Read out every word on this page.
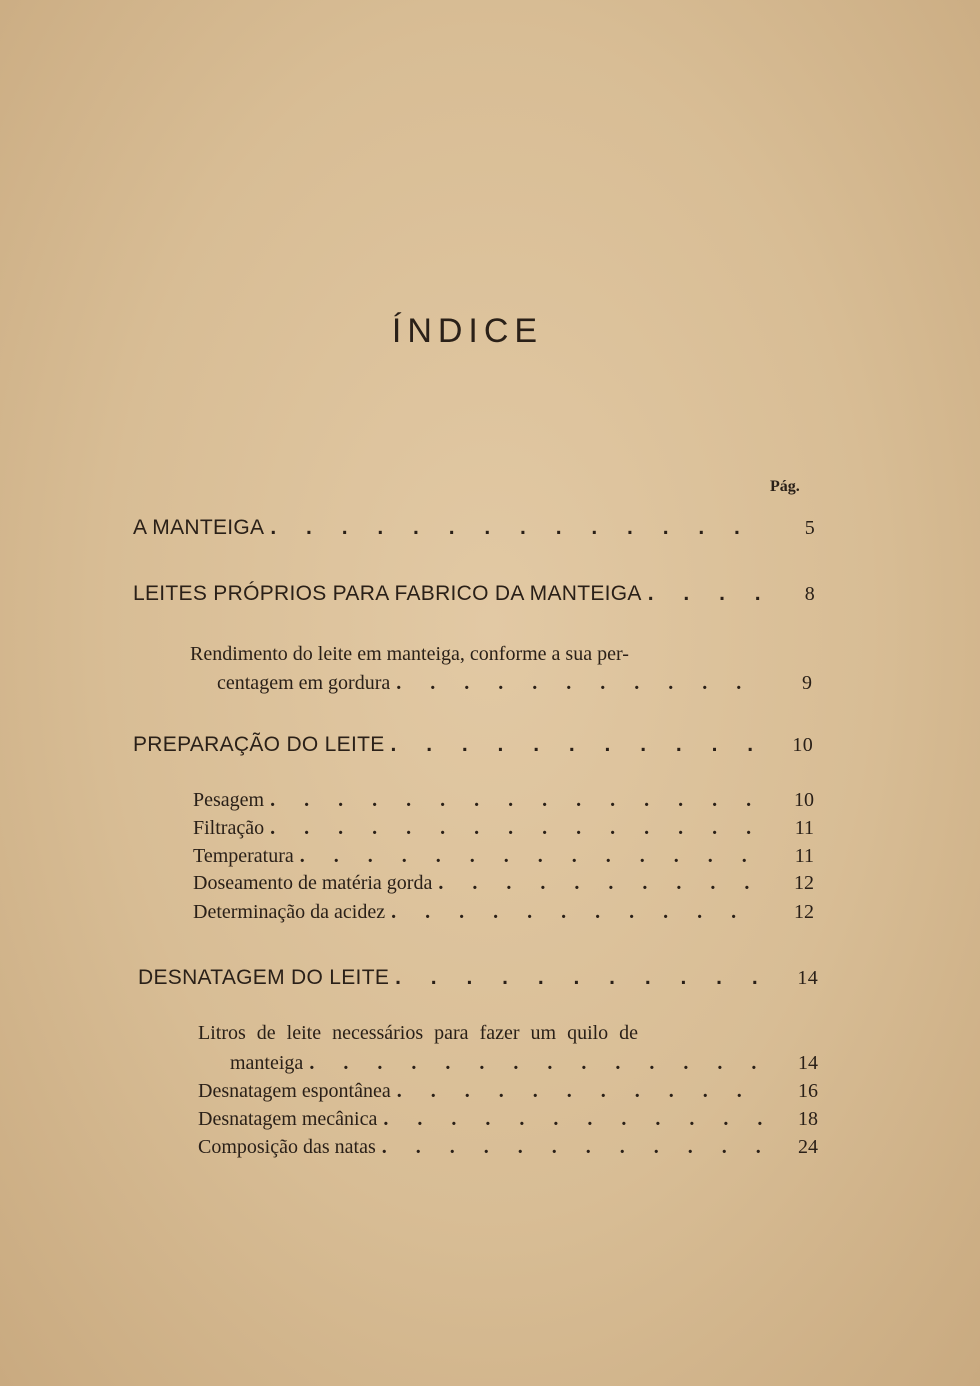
ÍNDICE
Pág.
A MANTEIGA . . .	5
LEITES PRÓPRIOS PARA FABRICO DA MANTEIGA . . .	8
Rendimento do leite em manteiga, conforme a sua per-
centagem em gordura . . .	9
PREPARAÇÃO DO LEITE . . .	10
Pesagem . . .	10
Filtração . . .	11
Temperatura . . .	11
Doseamento de matéria gorda . . .	12
Determinação da acidez . . .	12
DESNATAGEM DO LEITE . . .	14
Litros de leite necessários para fazer um quilo de
manteiga . . .	14
Desnatagem espontânea . . .	16
Desnatagem mecânica . . .	18
Composição das natas . . .	24
